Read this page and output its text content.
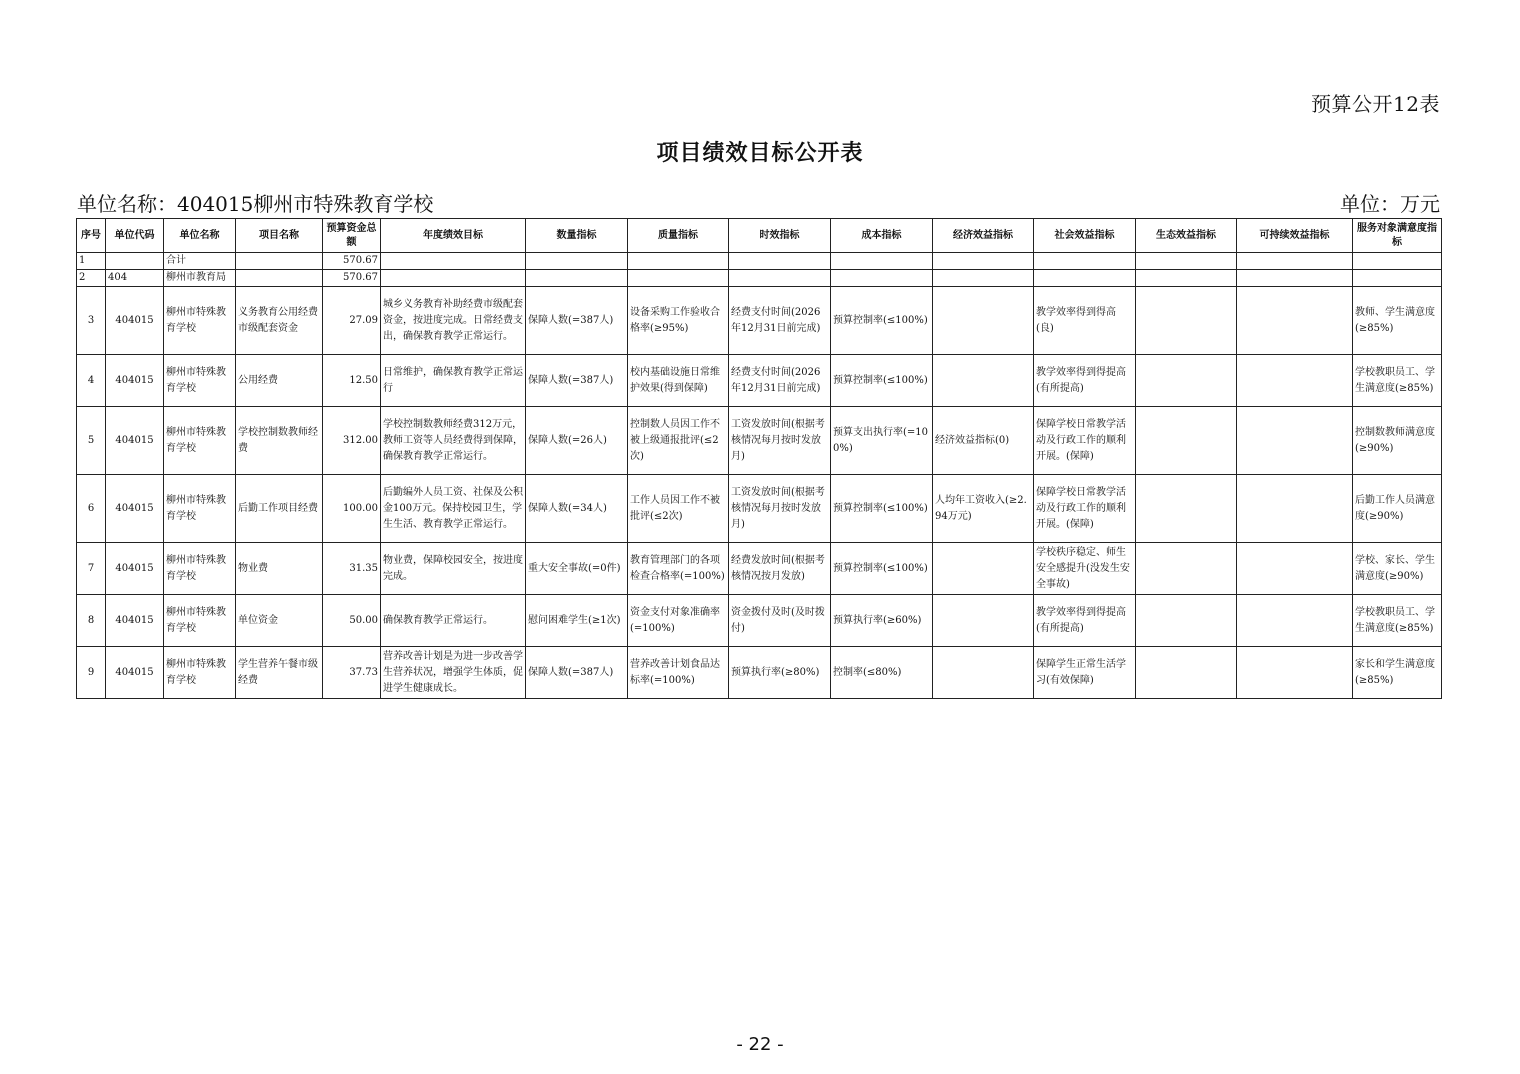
预算公开12表
项目绩效目标公开表
单位名称：404015柳州市特殊教育学校	单位：万元
序号	单位代码	单位名称	项目名称	预算资金总额	年度绩效目标	数量指标	质量指标	时效指标	成本指标	经济效益指标	社会效益指标	生态效益指标	可持续效益指标	服务对象满意度指标
1		合计		570.67										
2	404	柳州市教育局		570.67										
3	404015	柳州市特殊教育学校	义务教育公用经费市级配套资金	27.09	城乡义务教育补助经费市级配套资金，按进度完成。日常经费支出，确保教育教学正常运行。	保障人数(=387人)	设备采购工作验收合格率(≥95%)	经费支付时间(2026年12月31日前完成)	预算控制率(≤100%)		教学效率得到得高(良)			教师、学生满意度(≥85%)
4	404015	柳州市特殊教育学校	公用经费	12.50	日常维护，确保教育教学正常运行	保障人数(=387人)	校内基础设施日常维护效果(得到保障)	经费支付时间(2026年12月31日前完成)	预算控制率(≤100%)		教学效率得到得提高(有所提高)			学校教职员工、学生满意度(≥85%)
5	404015	柳州市特殊教育学校	学校控制数教师经费	312.00	学校控制数教师经费312万元，教师工资等人员经费得到保障，确保教育教学正常运行。	保障人数(=26人)	控制数人员因工作不被上级通报批评(≤2次)	工资发放时间(根据考核情况每月按时发放月)	预算支出执行率(=100%)	经济效益指标(0)	保障学校日常教学活动及行政工作的顺利开展。(保障)			控制数教师满意度(≥90%)
6	404015	柳州市特殊教育学校	后勤工作项目经费	100.00	后勤编外人员工资、社保及公积金100万元。保持校园卫生，学生生活、教育教学正常运行。	保障人数(=34人)	工作人员因工作不被批评(≤2次)	工资发放时间(根据考核情况每月按时发放月)	预算控制率(≤100%)	人均年工资收入(≥2.94万元)	保障学校日常教学活动及行政工作的顺利开展。(保障)			后勤工作人员满意度(≥90%)
7	404015	柳州市特殊教育学校	物业费	31.35	物业费，保障校园安全，按进度完成。	重大安全事故(=0件)	教育管理部门的各项检查合格率(=100%)	经费发放时间(根据考核情况按月发放)	预算控制率(≤100%)		学校秩序稳定、师生安全感提升(没发生安全事故)			学校、家长、学生满意度(≥90%)
8	404015	柳州市特殊教育学校	单位资金	50.00	确保教育教学正常运行。	慰问困难学生(≥1次)	资金支付对象准确率(=100%)	资金拨付及时(及时拨付)	预算执行率(≥60%)		教学效率得到得提高(有所提高)			学校教职员工、学生满意度(≥85%)
9	404015	柳州市特殊教育学校	学生营养午餐市级经费	37.73	营养改善计划是为进一步改善学生营养状况，增强学生体质，促进学生健康成长。	保障人数(=387人)	营养改善计划食品达标率(=100%)	预算执行率(≥80%)	控制率(≤80%)		保障学生正常生活学习(有效保障)			家长和学生满意度(≥85%)
- 22 -
